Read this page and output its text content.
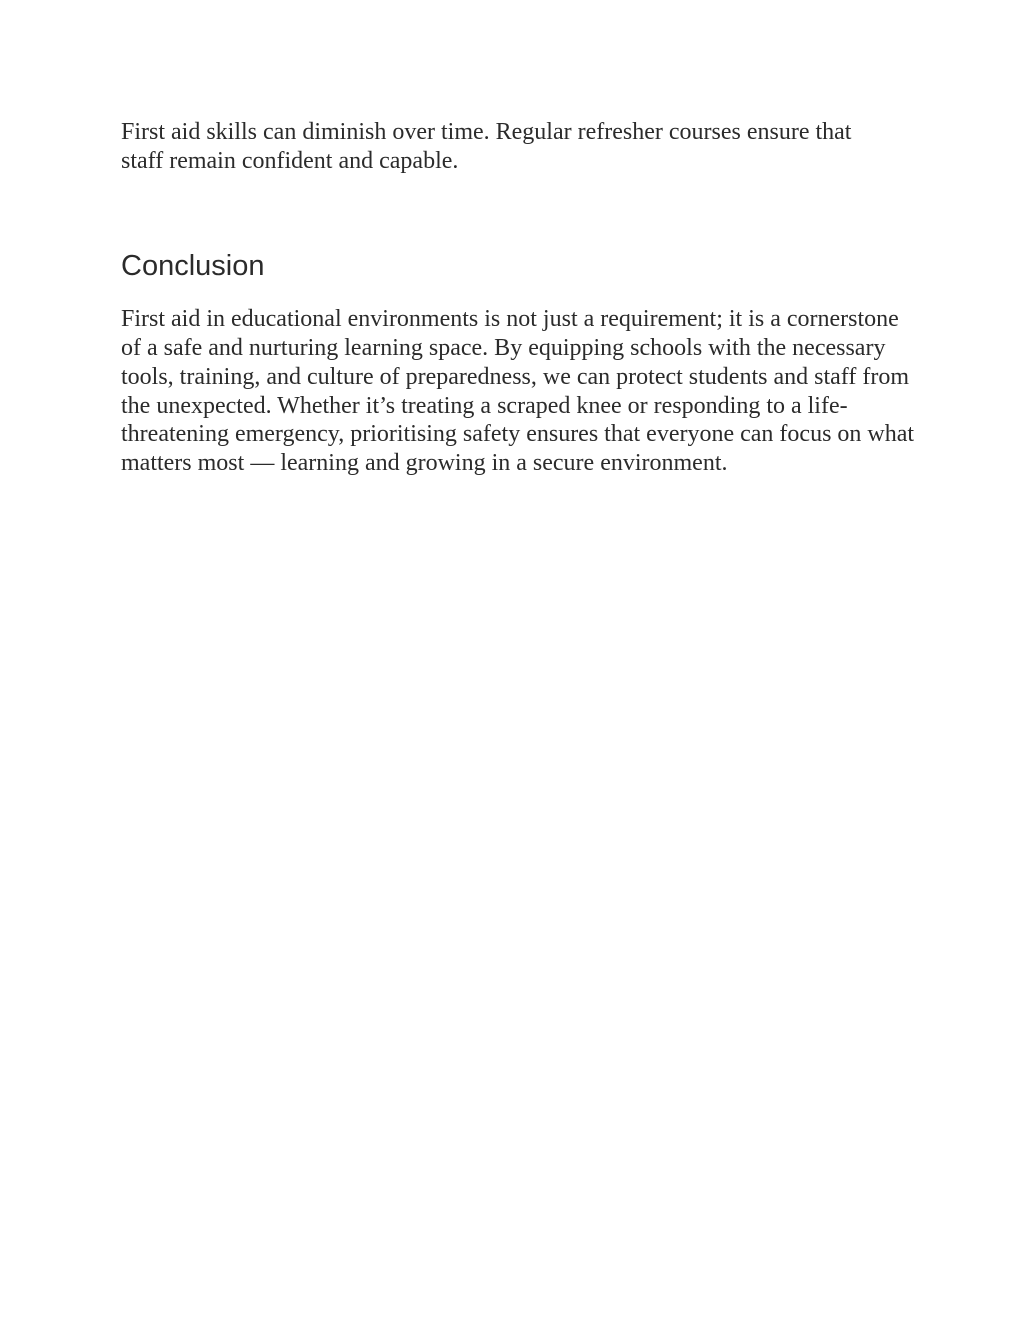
First aid skills can diminish over time. Regular refresher courses ensure that staff remain confident and capable.

Conclusion

First aid in educational environments is not just a requirement; it is a cornerstone of a safe and nurturing learning space. By equipping schools with the necessary tools, training, and culture of preparedness, we can protect students and staff from the unexpected. Whether it’s treating a scraped knee or responding to a life-threatening emergency, prioritising safety ensures that everyone can focus on what matters most — learning and growing in a secure environment.
